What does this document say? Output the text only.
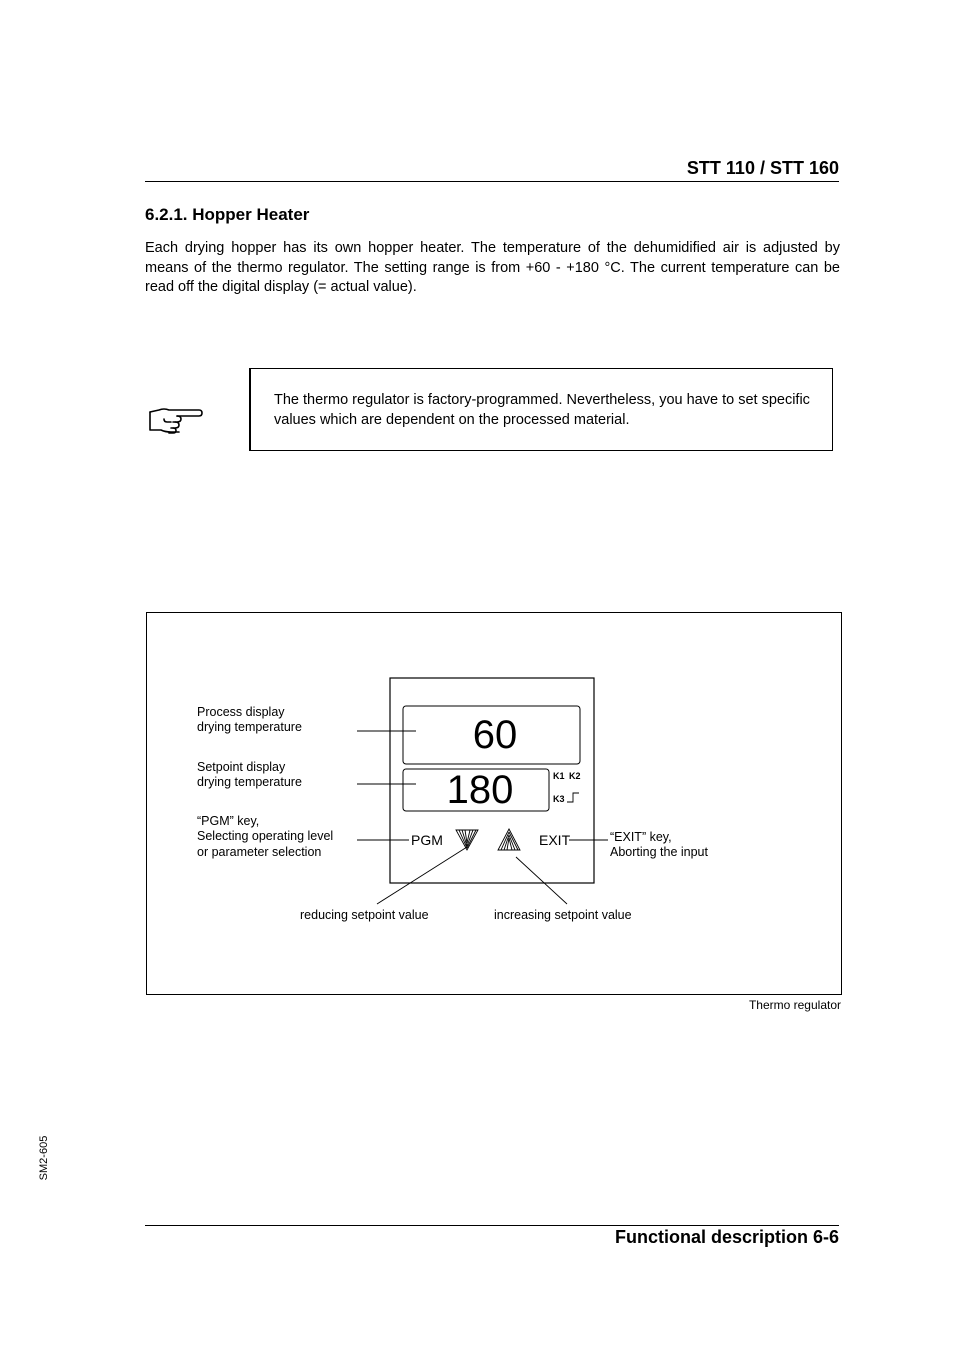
STT 110 / STT 160
6.2.1. Hopper Heater
Each drying hopper has its own hopper heater. The temperature of the dehumidified air is adjusted by means of the thermo regulator. The setting range is from +60 - +180 °C. The current temperature can be read off the digital display (= actual value).
The thermo regulator is factory-programmed. Nevertheless, you have to set specific values which are dependent on the processed material.
60
180	K1 K2
K3
PGM	EXIT
Process display
drying temperature
Setpoint display
drying temperature
“PGM” key,
Selecting operating level
or parameter selection
“EXIT” key,
Aborting the input
reducing setpoint value	increasing setpoint value
Thermo regulator
SM2-605
Functional description 6-6
